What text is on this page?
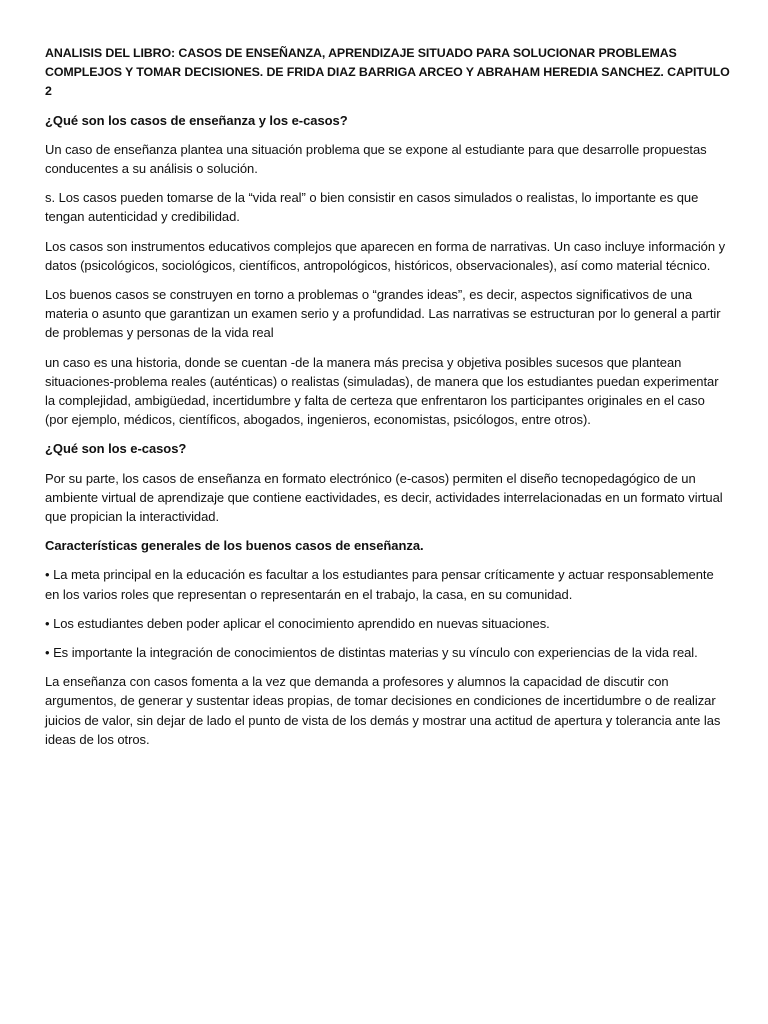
ANALISIS DEL LIBRO: CASOS DE ENSEÑANZA, APRENDIZAJE SITUADO PARA SOLUCIONAR PROBLEMAS COMPLEJOS Y TOMAR DECISIONES. DE FRIDA DIAZ BARRIGA ARCEO Y ABRAHAM HEREDIA SANCHEZ. CAPITULO 2

¿Qué son los casos de enseñanza y los e-casos?

Un caso de enseñanza plantea una situación problema que se expone al estudiante para que desarrolle propuestas conducentes a su análisis o solución.

s. Los casos pueden tomarse de la “vida real” o bien consistir en casos simulados o realistas, lo importante es que tengan autenticidad y credibilidad.

Los casos son instrumentos educativos complejos que aparecen en forma de narrativas. Un caso incluye información y datos (psicológicos, sociológicos, científicos, antropológicos, históricos, observacionales), así como material técnico.

Los buenos casos se construyen en torno a problemas o “grandes ideas”, es decir, aspectos significativos de una materia o asunto que garantizan un examen serio y a profundidad. Las narrativas se estructuran por lo general a partir de problemas y personas de la vida real

un caso es una historia, donde se cuentan -de la manera más precisa y objetiva posibles sucesos que plantean situaciones-problema reales (auténticas) o realistas (simuladas), de manera que los estudiantes puedan experimentar la complejidad, ambigüedad, incertidumbre y falta de certeza que enfrentaron los participantes originales en el caso (por ejemplo, médicos, científicos, abogados, ingenieros, economistas, psicólogos, entre otros).

¿Qué son los e-casos?

Por su parte, los casos de enseñanza en formato electrónico (e-casos) permiten el diseño tecnopedagógico de un ambiente virtual de aprendizaje que contiene eactividades, es decir, actividades interrelacionadas en un formato virtual que propician la interactividad.

Características generales de los buenos casos de enseñanza.

• La meta principal en la educación es facultar a los estudiantes para pensar críticamente y actuar responsablemente en los varios roles que representan o representarán en el trabajo, la casa, en su comunidad.

• Los estudiantes deben poder aplicar el conocimiento aprendido en nuevas situaciones.

• Es importante la integración de conocimientos de distintas materias y su vínculo con experiencias de la vida real.

La enseñanza con casos fomenta a la vez que demanda a profesores y alumnos la capacidad de discutir con argumentos, de generar y sustentar ideas propias, de tomar decisiones en condiciones de incertidumbre o de realizar juicios de valor, sin dejar de lado el punto de vista de los demás y mostrar una actitud de apertura y tolerancia ante las ideas de los otros.
